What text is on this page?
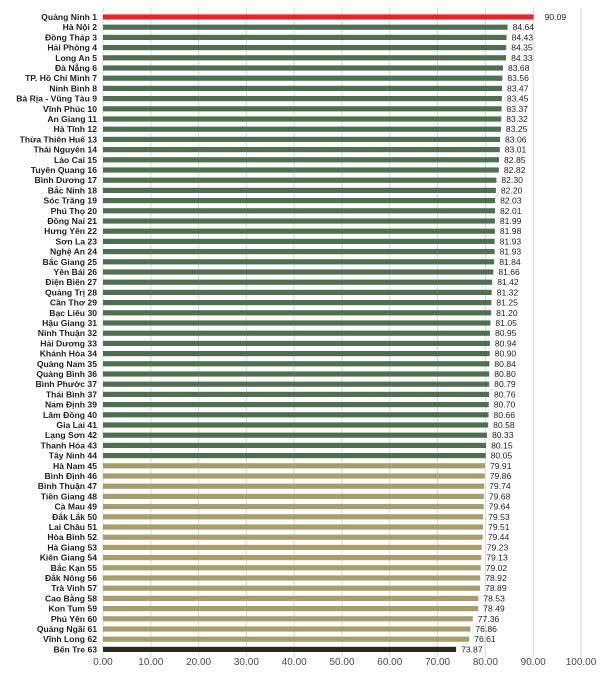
Quảng Ninh 1
Hà Nội 2
Đồng Tháp 3
Hải Phòng 4
Long An 5
Đà Nẵng 6
TP. Hồ Chí Minh 7
Ninh Bình 8
Bà Rịa - Vũng Tàu 9
Vĩnh Phúc 10
An Giang 11
Hà Tĩnh 12
Thừa Thiên Huế 13
Thái Nguyên 14
Lào Cai 15
Tuyên Quang 16
Bình Dương 17
Bắc Ninh 18
Sóc Trăng 19
Phú Thọ 20
Đồng Nai 21
Hưng Yên 22
Sơn La 23
Nghệ An 24
Bắc Giang 25
Yên Bái 26
Điện Biên 27
Quảng Trị 28
Cần Thơ 29
Bạc Liêu 30
Hậu Giang 31
Ninh Thuận 32
Hải Dương 33
Khánh Hòa 34
Quảng Nam 35
Quảng Bình 36
Bình Phước 37
Thái Bình 37
Nam Định 39
Lâm Đồng 40
Gia Lai 41
Lạng Sơn 42
Thanh Hóa 43
Tây Ninh 44
Hà Nam 45
Bình Định 46
Bình Thuận 47
Tiền Giang 48
Cà Mau 49
Đắk Lắk 50
Lai Châu 51
Hòa Bình 52
Hà Giang 53
Kiên Giang 54
Bắc Kạn 55
Đắk Nông 56
Trà Vinh 57
Cao Bằng 58
Kon Tum 59
Phú Yên 60
Quảng Ngãi 61
Vĩnh Long 62
Bến Tre 63
90.09
84.64
84.43
84.35
84.33
83.68
83.56
83.47
83.45
83.37
83.32
83.25
83.06
83.01
82.85
82.82
82.30
82.20
82.03
82.01
81.99
81.98
81.93
81.93
81.84
81.66
81.42
81.32
81.25
81.20
81.05
80.95
80.94
80.90
80.84
80.80
80.79
80.76
80.70
80.66
80.58
80.33
80.15
80.05
79.91
79.86
79.74
79.68
79.64
79.53
79.51
79.44
79.23
79.13
79.02
78.92
78.89
78.53
78.49
77.36
76.86
76.61
73.87
0.00	10.00 20.00 30.00 40.00 50.00 60.00 70.00 80.00 90.00 100.00
